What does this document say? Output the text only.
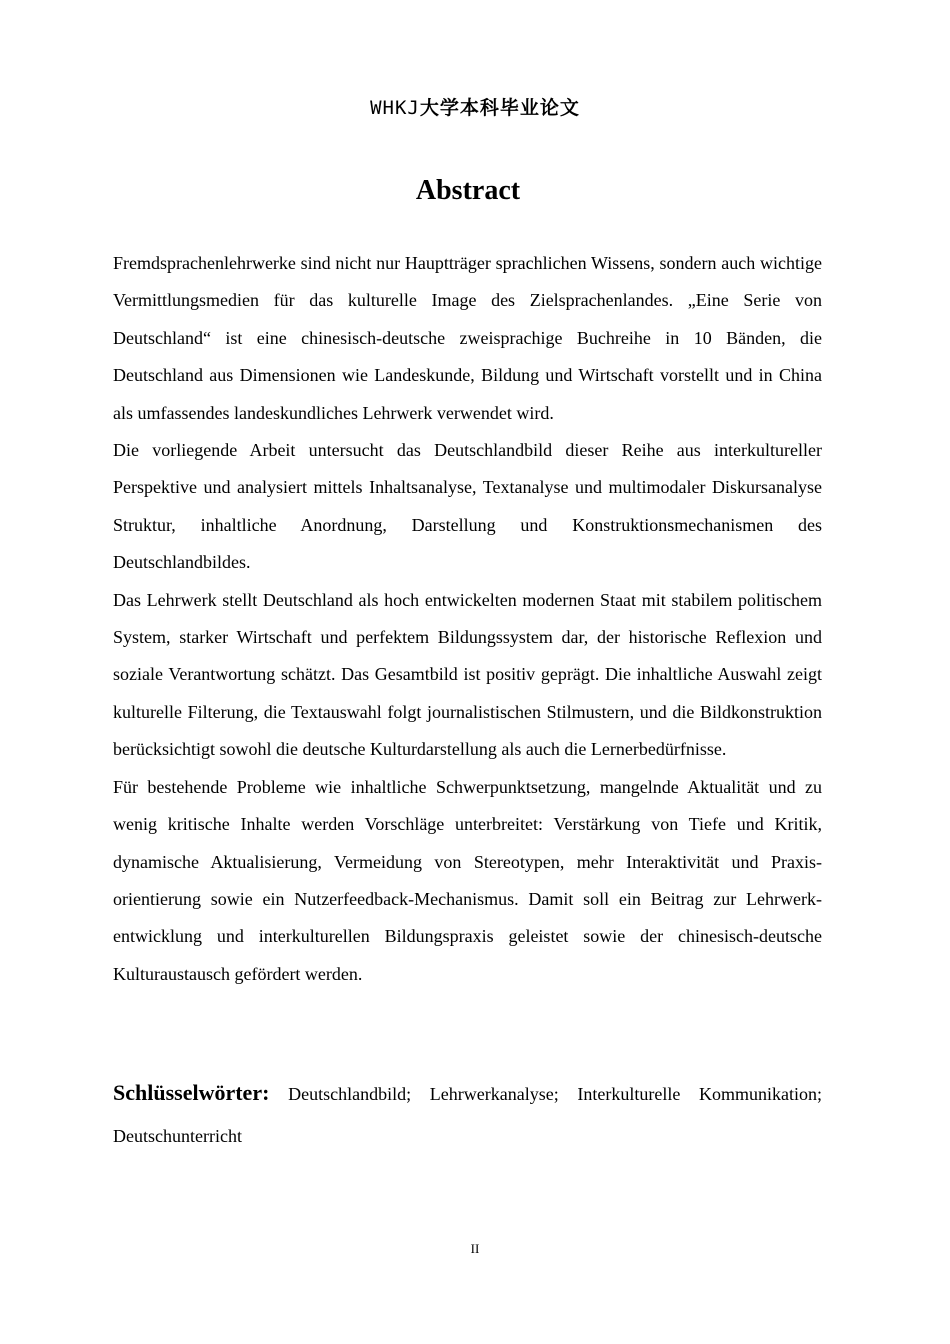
WHKJ大学本科毕业论文
Abstract

Fremdsprachenlehrwerke sind nicht nur Hauptträger sprachlichen Wissens, sondern auch wichtige Vermittlungsmedien für das kulturelle Image des Zielsprachenlandes. „Eine Serie von Deutschland“ ist eine chinesisch-deutsche zweisprachige Buchreihe in 10 Bänden, die Deutschland aus Dimensionen wie Landeskunde, Bildung und Wirtschaft vorstellt und in China als umfassendes landeskundliches Lehrwerk verwendet wird.

Die vorliegende Arbeit untersucht das Deutschlandbild dieser Reihe aus interkultureller Perspektive und analysiert mittels Inhaltsanalyse, Textanalyse und multimodaler Diskursanalyse Struktur, inhaltliche Anordnung, Darstellung und Konstruktionsmechanismen des Deutschlandbildes.

Das Lehrwerk stellt Deutschland als hoch entwickelten modernen Staat mit stabilem politischem System, starker Wirtschaft und perfektem Bildungssystem dar, der historische Reflexion und soziale Verantwortung schätzt. Das Gesamtbild ist positiv geprägt. Die inhaltliche Auswahl zeigt kulturelle Filterung, die Textauswahl folgt journalistischen Stilmustern, und die Bildkonstruktion berücksichtigt sowohl die deutsche Kulturdarstellung als auch die Lernerbedürfnisse.

Für bestehende Probleme wie inhaltliche Schwerpunktsetzung, mangelnde Aktualität und zu wenig kritische Inhalte werden Vorschläge unterbreitet: Verstärkung von Tiefe und Kritik, dynamische Aktualisierung, Vermeidung von Stereotypen, mehr Interaktivität und Praxisorientierung sowie ein Nutzerfeedback-Mechanismus. Damit soll ein Beitrag zur Lehrwerkentwicklung und interkulturellen Bildungspraxis geleistet sowie der chinesisch-deutsche Kulturaustausch gefördert werden.

Schlüsselwörter: Deutschlandbild; Lehrwerkanalyse; Interkulturelle Kommunikation; Deutschunterricht
II
